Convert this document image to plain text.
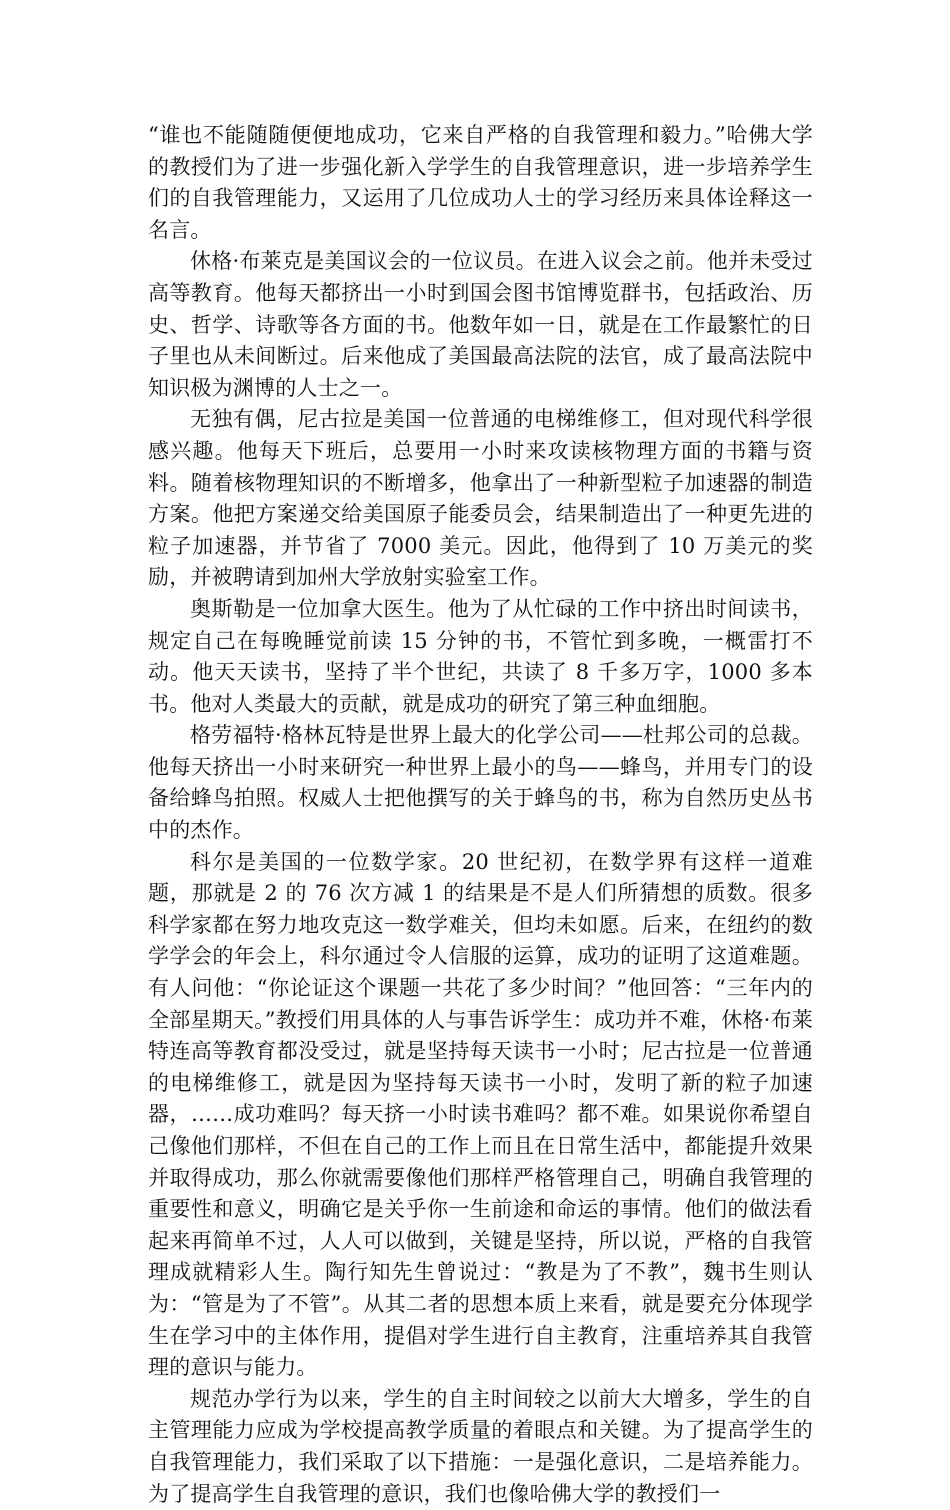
“谁也不能随随便便地成功，它来自严格的自我管理和毅力。”哈佛大学的教授们为了进一步强化新入学学生的自我管理意识，进一步培养学生们的自我管理能力，又运用了几位成功人士的学习经历来具体诠释这一名言。

休格·布莱克是美国议会的一位议员。在进入议会之前。他并未受过高等教育。他每天都挤出一小时到国会图书馆博览群书，包括政治、历史、哲学、诗歌等各方面的书。他数年如一日，就是在工作最繁忙的日子里也从未间断过。后来他成了美国最高法院的法官，成了最高法院中知识极为渊博的人士之一。

无独有偶，尼古拉是美国一位普通的电梯维修工，但对现代科学很感兴趣。他每天下班后，总要用一小时来攻读核物理方面的书籍与资料。随着核物理知识的不断增多，他拿出了一种新型粒子加速器的制造方案。他把方案递交给美国原子能委员会，结果制造出了一种更先进的粒子加速器，并节省了 7000 美元。因此，他得到了 10 万美元的奖励，并被聘请到加州大学放射实验室工作。

奥斯勒是一位加拿大医生。他为了从忙碌的工作中挤出时间读书，规定自己在每晚睡觉前读 15 分钟的书，不管忙到多晚，一概雷打不动。他天天读书，坚持了半个世纪，共读了 8 千多万字，1000 多本书。他对人类最大的贡献，就是成功的研究了第三种血细胞。

格劳福特·格林瓦特是世界上最大的化学公司——杜邦公司的总裁。他每天挤出一小时来研究一种世界上最小的鸟——蜂鸟，并用专门的设备给蜂鸟拍照。权威人士把他撰写的关于蜂鸟的书，称为自然历史丛书中的杰作。

科尔是美国的一位数学家。20 世纪初，在数学界有这样一道难题，那就是 2 的 76 次方减 1 的结果是不是人们所猜想的质数。很多科学家都在努力地攻克这一数学难关，但均未如愿。后来，在纽约的数学学会的年会上，科尔通过令人信服的运算，成功的证明了这道难题。有人问他：“你论证这个课题一共花了多少时间？”他回答：“三年内的全部星期天。”教授们用具体的人与事告诉学生：成功并不难，休格·布莱特连高等教育都没受过，就是坚持每天读书一小时；尼古拉是一位普通的电梯维修工，就是因为坚持每天读书一小时，发明了新的粒子加速器，……成功难吗？每天挤一小时读书难吗？都不难。如果说你希望自己像他们那样，不但在自己的工作上而且在日常生活中，都能提升效果并取得成功，那么你就需要像他们那样严格管理自己，明确自我管理的重要性和意义，明确它是关乎你一生前途和命运的事情。他们的做法看起来再简单不过，人人可以做到，关键是坚持，所以说，严格的自我管理成就精彩人生。陶行知先生曾说过：“教是为了不教”，魏书生则认为：“管是为了不管”。从其二者的思想本质上来看，就是要充分体现学生在学习中的主体作用，提倡对学生进行自主教育，注重培养其自我管理的意识与能力。

规范办学行为以来，学生的自主时间较之以前大大增多，学生的自主管理能力应成为学校提高教学质量的着眼点和关键。为了提高学生的自我管理能力，我们采取了以下措施：一是强化意识，二是培养能力。为了提高学生自我管理的意识，我们也像哈佛大学的教授们一
